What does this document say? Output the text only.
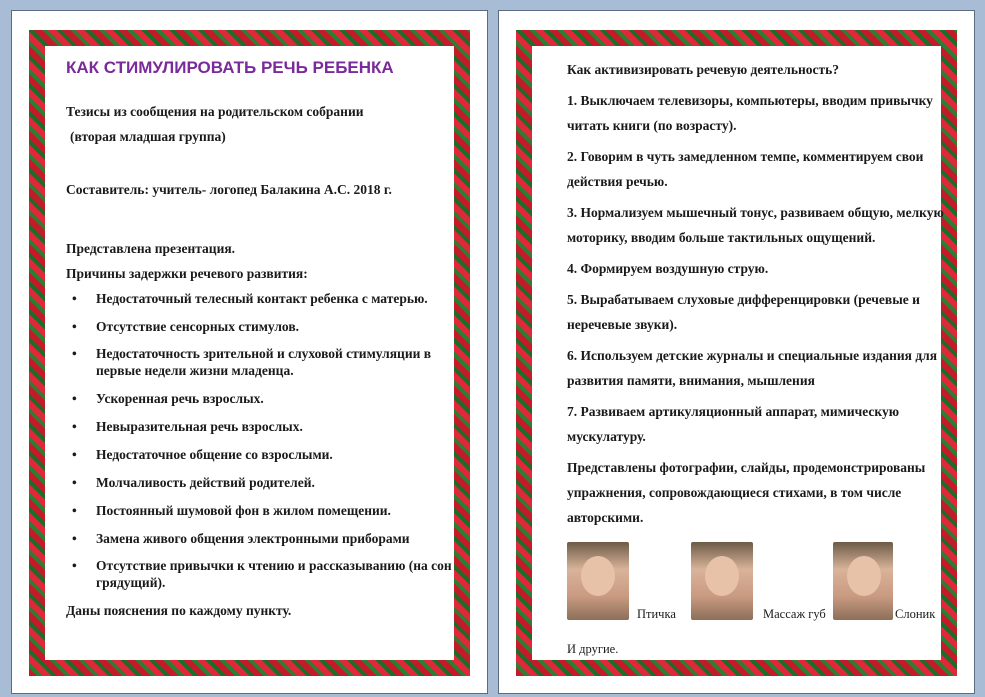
КАК СТИМУЛИРОВАТЬ РЕЧЬ РЕБЕНКА
Тезисы из сообщения на родительском собрании
(вторая младшая группа)
Составитель: учитель- логопед Балакина А.С. 2018 г.
Представлена презентация.
Причины задержки речевого развития:
•	Недостаточный телесный контакт ребенка с матерью.
•	Отсутствие сенсорных стимулов.
•	Недостаточность зрительной и слуховой стимуляции в первые недели жизни младенца.
•	Ускоренная речь взрослых.
•	Невыразительная речь взрослых.
•	Недостаточное общение со взрослыми.
•	Молчаливость действий родителей.
•	Постоянный шумовой фон в жилом помещении.
•	Замена живого общения электронными приборами
•	Отсутствие привычки к чтению и рассказыванию (на сон грядущий).
Даны пояснения по каждому пункту.
Как активизировать речевую деятельность?
1. Выключаем телевизоры, компьютеры, вводим привычку читать книги (по возрасту).
2. Говорим в чуть замедленном темпе, комментируем свои действия речью.
3. Нормализуем мышечный тонус, развиваем общую, мелкую моторику, вводим больше тактильных ощущений.
4. Формируем воздушную струю.
5. Вырабатываем слуховые дифференцировки (речевые и неречевые звуки).
6. Используем детские журналы и специальные издания для развития памяти, внимания, мышления
7. Развиваем артикуляционный аппарат, мимическую мускулатуру.
Представлены фотографии, слайды, продемонстрированы упражнения, сопровождающиеся стихами, в том числе авторскими.
Птичка	Массаж губ	Слоник
И другие.
